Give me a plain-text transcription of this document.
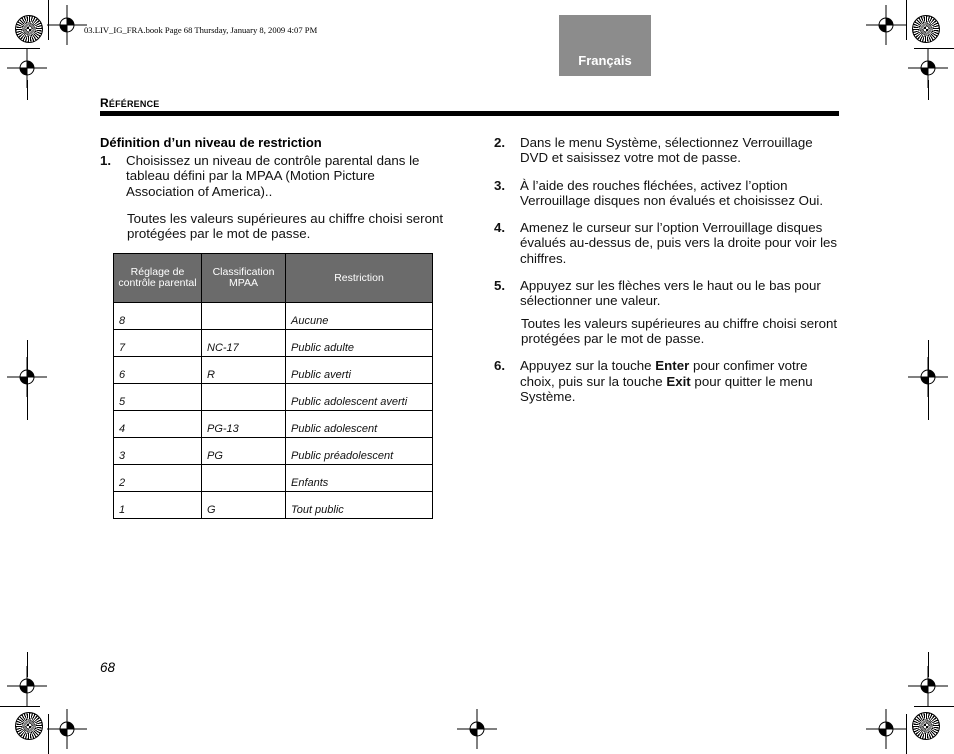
03.LIV_IG_FRA.book Page 68 Thursday, January 8, 2009 4:07 PM
Français
RÉFÉRENCE
Définition d’un niveau de restriction
1. Choisissez un niveau de contrôle parental dans le tableau défini par la MPAA (Motion Picture Association of America)..
Toutes les valeurs supérieures au chiffre choisi seront protégées par le mot de passe.
Réglage de contrôle parental	Classification MPAA	Restriction
8		Aucune
7	NC-17	Public adulte
6	R	Public averti
5		Public adolescent averti
4	PG-13	Public adolescent
3	PG	Public préadolescent
2		Enfants
1	G	Tout public
2. Dans le menu Système, sélectionnez Verrouillage DVD et saisissez votre mot de passe.
3. À l’aide des rouches fléchées, activez l’option Verrouillage disques non évalués et choisissez Oui.
4. Amenez le curseur sur l’option Verrouillage disques évalués au-dessus de, puis vers la droite pour voir les chiffres.
5. Appuyez sur les flèches vers le haut ou le bas pour sélectionner une valeur.
Toutes les valeurs supérieures au chiffre choisi seront protégées par le mot de passe.
6. Appuyez sur la touche Enter pour confimer votre choix, puis sur la touche Exit pour quitter le menu Système.
68
